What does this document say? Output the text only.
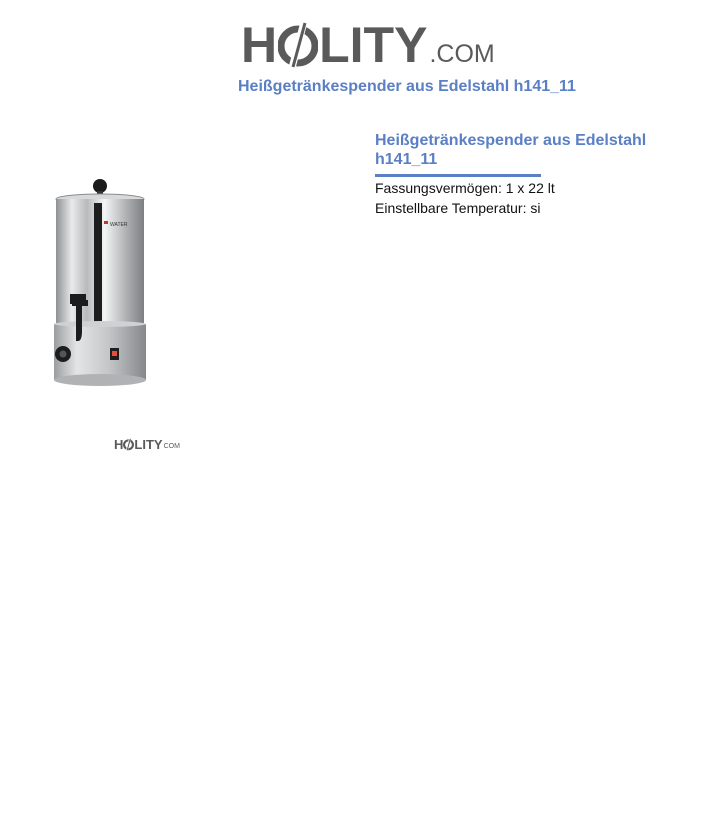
H LITY .COM
Heißgetränkespender aus Edelstahl h141_11
WATER
H LITY COM
Heißgetränkespender aus Edelstahl h141_11
Fassungsvermögen: 1 x 22 lt
Einstellbare Temperatur: si
